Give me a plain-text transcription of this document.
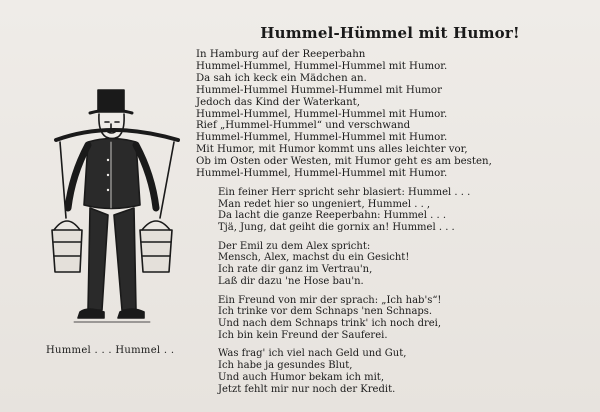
Hummel-Hümmel mit Humor!
Hummel . . . Hummel . .
In Hamburg auf der Reeperbahn
Hummel-Hummel, Hummel-Hummel mit Humor.
Da sah ich keck ein Mädchen an.
Hummel-Hummel Hummel-Hummel mit Humor
Jedoch das Kind der Waterkant,
Hummel-Hummel, Hummel-Hummel mit Humor.
Rief „Hummel-Hummel“ und verschwand
Hummel-Hummel, Hummel-Hummel mit Humor.
Mit Humor, mit Humor kommt uns alles leichter vor,
Ob im Osten oder Westen, mit Humor geht es am besten,
Hummel-Hummel, Hummel-Hummel mit Humor.
Ein feiner Herr spricht sehr blasiert: Hummel . . .
Man redet hier so ungeniert, Hummel . . ,
Da lacht die ganze Reeperbahn: Hummel . . .
Tjä, Jung, dat geiht die gornix an! Hummel . . .
Der Emil zu dem Alex spricht:
Mensch, Alex, machst du ein Gesicht!
Ich rate dir ganz im Vertrau'n,
Laß dir dazu 'ne Hose bau'n.
Ein Freund von mir der sprach: „Ich hab's“!
Ich trinke vor dem Schnaps 'nen Schnaps.
Und nach dem Schnaps trink' ich noch drei,
Ich bin kein Freund der Sauferei.
Was frag' ich viel nach Geld und Gut,
Ich habe ja gesundes Blut,
Und auch Humor bekam ich mit,
Jetzt fehlt mir nur noch der Kredit.
